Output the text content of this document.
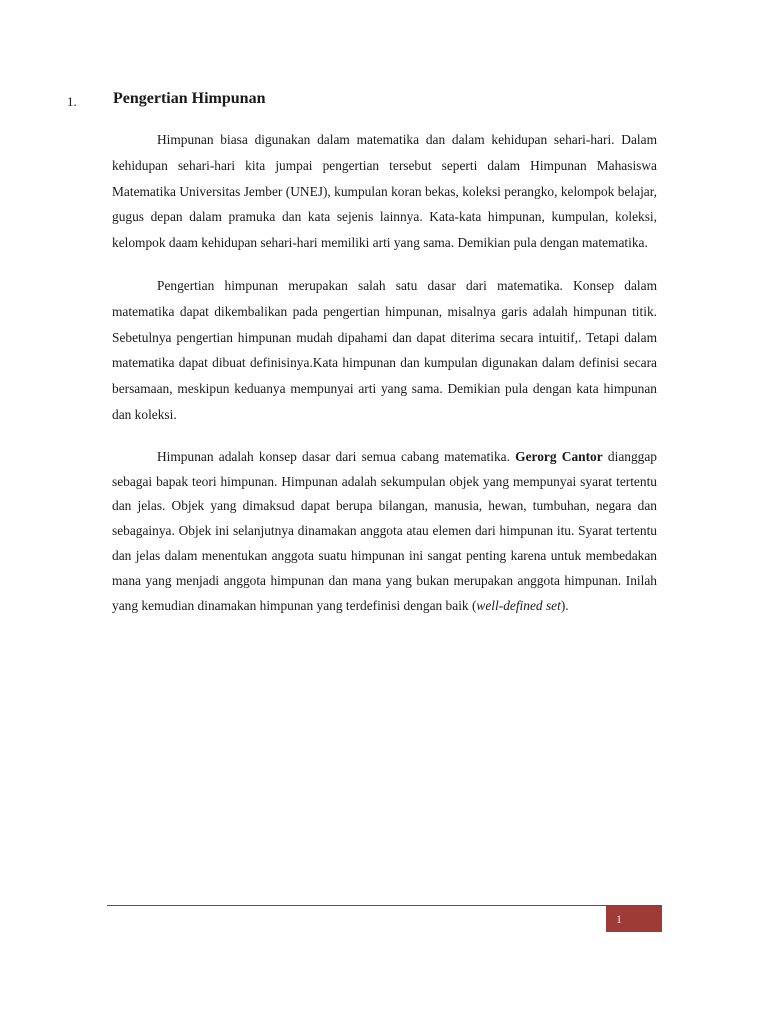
1. Pengertian Himpunan

Himpunan biasa digunakan dalam matematika dan dalam kehidupan sehari-hari. Dalam kehidupan sehari-hari kita jumpai pengertian tersebut seperti dalam Himpunan Mahasiswa Matematika Universitas Jember (UNEJ), kumpulan koran bekas, koleksi perangko, kelompok belajar, gugus depan dalam pramuka dan kata sejenis lainnya. Kata-kata himpunan, kumpulan, koleksi, kelompok daam kehidupan sehari-hari memiliki arti yang sama. Demikian pula dengan matematika.

Pengertian himpunan merupakan salah satu dasar dari matematika. Konsep dalam matematika dapat dikembalikan pada pengertian himpunan, misalnya garis adalah himpunan titik. Sebetulnya pengertian himpunan mudah dipahami dan dapat diterima secara intuitif,. Tetapi dalam matematika dapat dibuat definisinya.Kata himpunan dan kumpulan digunakan dalam definisi secara bersamaan, meskipun keduanya mempunyai arti yang sama. Demikian pula dengan kata himpunan dan koleksi.

Himpunan adalah konsep dasar dari semua cabang matematika. Gerorg Cantor dianggap sebagai bapak teori himpunan. Himpunan adalah sekumpulan objek yang mempunyai syarat tertentu dan jelas. Objek yang dimaksud dapat berupa bilangan, manusia, hewan, tumbuhan, negara dan sebagainya. Objek ini selanjutnya dinamakan anggota atau elemen dari himpunan itu. Syarat tertentu dan jelas dalam menentukan anggota suatu himpunan ini sangat penting karena untuk membedakan mana yang menjadi anggota himpunan dan mana yang bukan merupakan anggota himpunan. Inilah yang kemudian dinamakan himpunan yang terdefinisi dengan baik (well-defined set).

1
